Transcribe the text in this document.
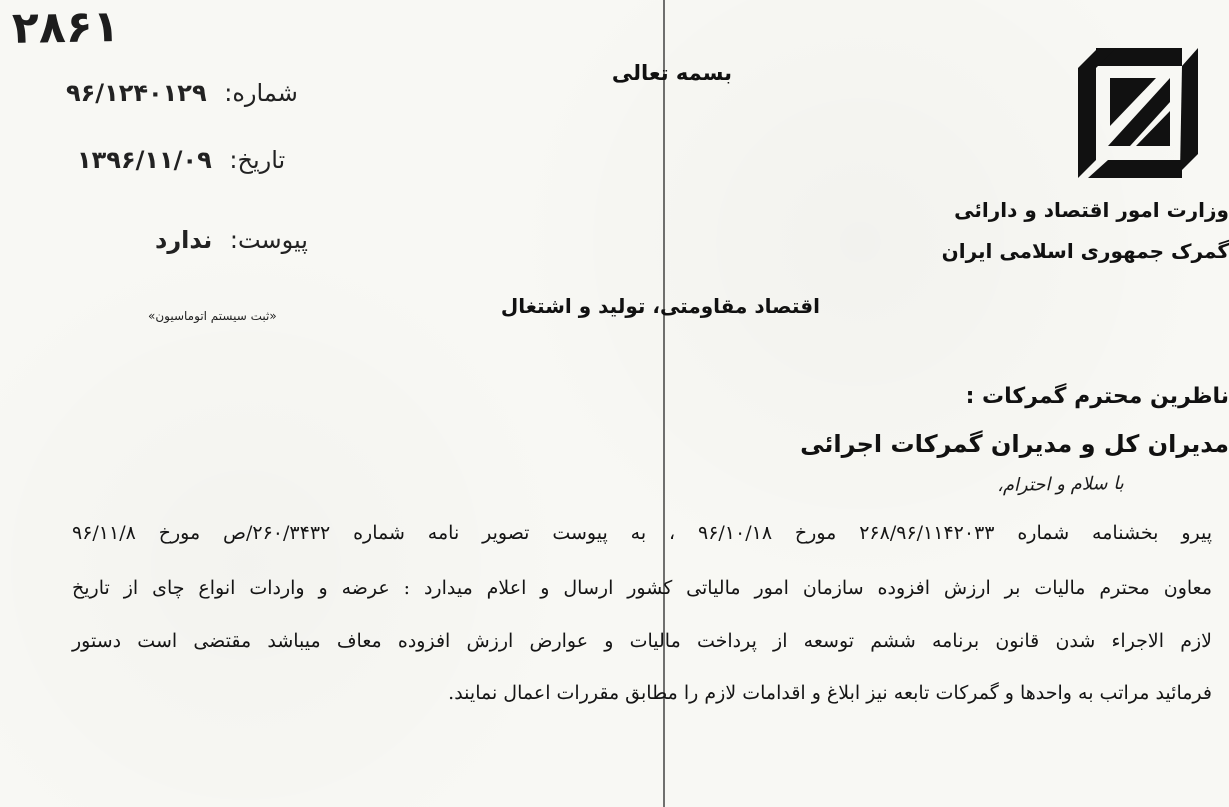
۲۸۶۱
شماره: ۹۶/۱۲۴۰۱۲۹
تاریخ: ۱۳۹۶/۱۱/۰۹
پیوست: ندارد
«ثبت سیستم اتوماسیون»
بسمه تعالی
وزارت امور اقتصاد و دارائی
گمرک جمهوری اسلامی ایران
اقتصاد مقاومتی، تولید و اشتغال
ناظرین محترم گمرکات :
مدیران کل و مدیران گمرکات اجرائی
با سلام و احترام،
پیرو بخشنامه شماره ۲۶۸/۹۶/۱۱۴۲۰۳۳ مورخ ۹۶/۱۰/۱۸ ، به پیوست تصویر نامه شماره ۲۶۰/۳۴۳۲/ص مورخ ۹۶/۱۱/۸
معاون محترم مالیات بر ارزش افزوده سازمان امور مالیاتی کشور ارسال و اعلام میدارد : عرضه و واردات انواع چای از تاریخ
لازم الاجراء شدن قانون برنامه ششم توسعه از پرداخت مالیات و عوارض ارزش افزوده معاف میباشد مقتضی است دستور
فرمائید مراتب به واحدها و گمرکات تابعه نیز ابلاغ و اقدامات لازم را مطابق مقررات اعمال نمایند.
